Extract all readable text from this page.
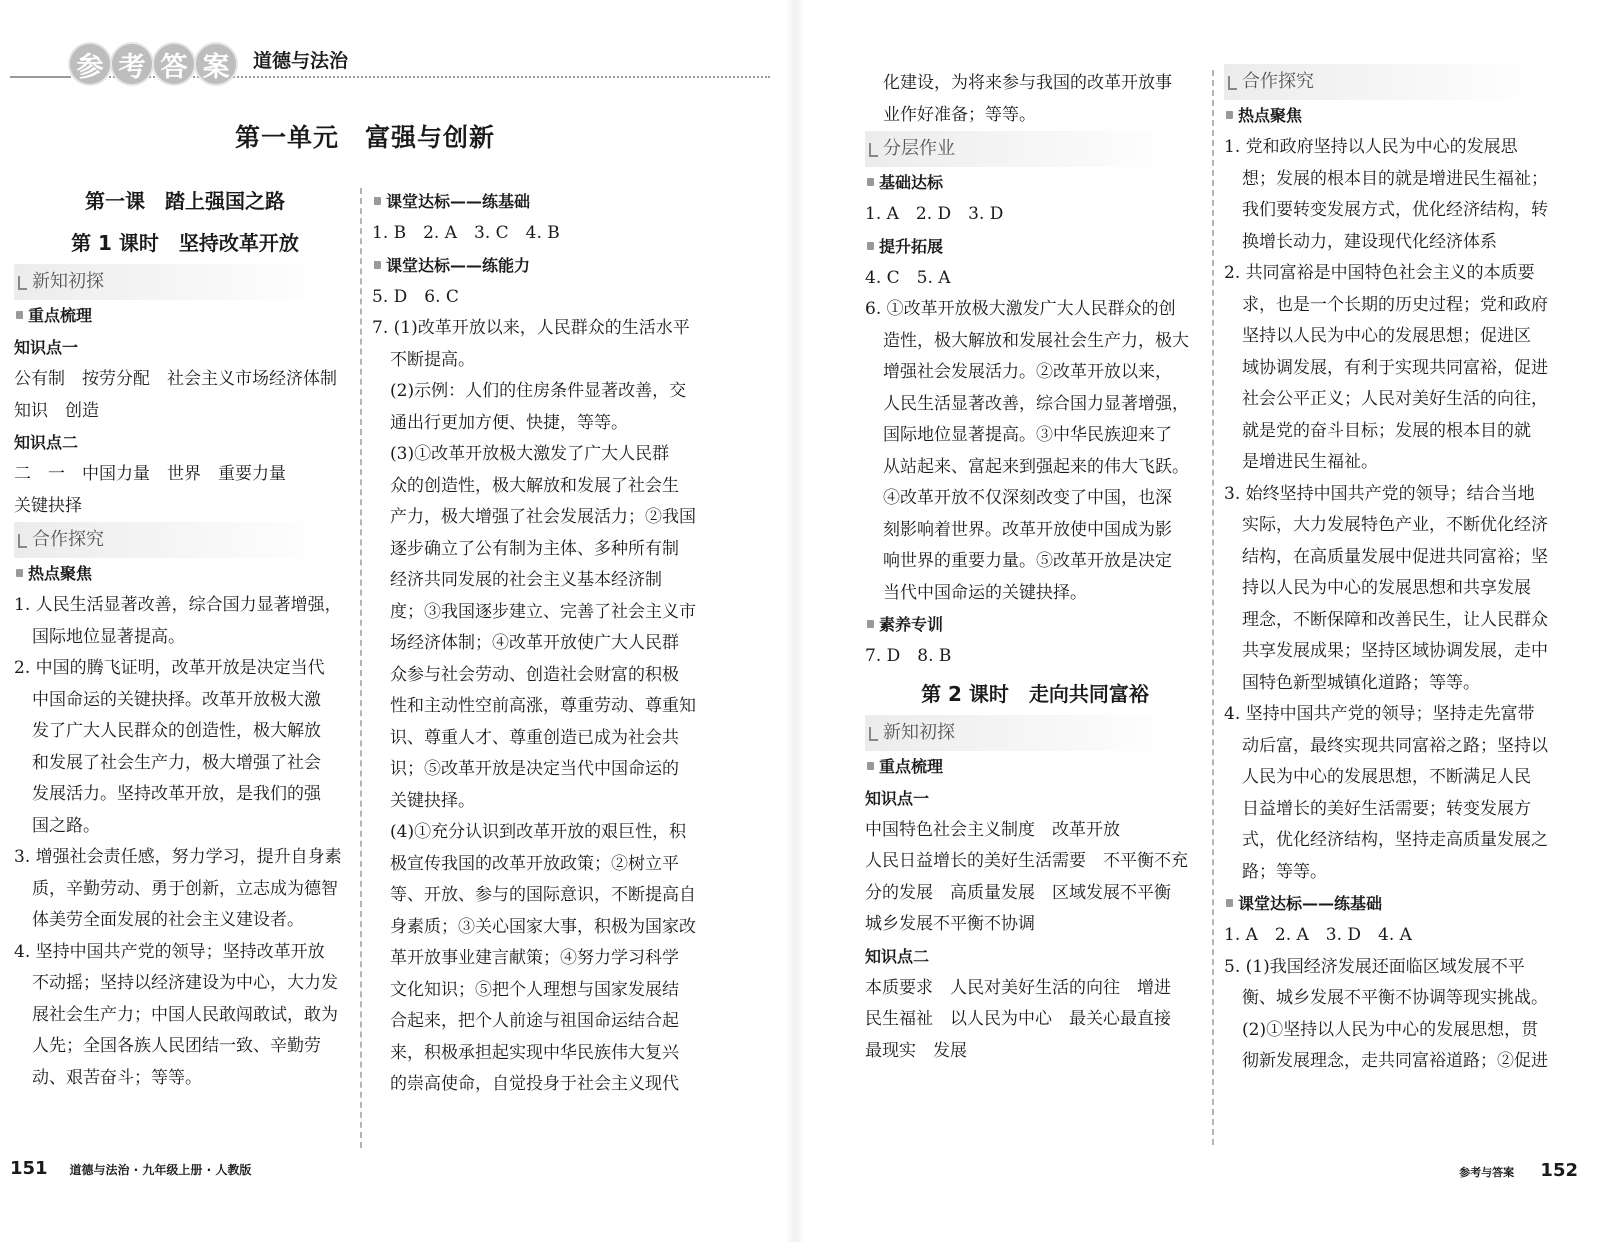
参 考 答 案	道德与法治
第一单元　富强与创新
第一课　踏上强国之路
第 1 课时　坚持改革开放
新知初探
重点梳理
知识点一
公有制　按劳分配　社会主义市场经济体制
知识　创造
知识点二
二　一　中国力量　世界　重要力量
关键抉择
合作探究
热点聚焦
1. 人民生活显著改善，综合国力显著增强，
国际地位显著提高。
2. 中国的腾飞证明，改革开放是决定当代
中国命运的关键抉择。改革开放极大激
发了广大人民群众的创造性，极大解放
和发展了社会生产力，极大增强了社会
发展活力。坚持改革开放，是我们的强
国之路。
3. 增强社会责任感，努力学习，提升自身素
质，辛勤劳动、勇于创新，立志成为德智
体美劳全面发展的社会主义建设者。
4. 坚持中国共产党的领导；坚持改革开放
不动摇；坚持以经济建设为中心，大力发
展社会生产力；中国人民敢闯敢试，敢为
人先；全国各族人民团结一致、辛勤劳
动、艰苦奋斗；等等。
课堂达标——练基础
1. B　2. A　3. C　4. B
课堂达标——练能力
5. D　6. C
7. (1)改革开放以来，人民群众的生活水平
不断提高。
(2)示例：人们的住房条件显著改善，交
通出行更加方便、快捷，等等。
(3)①改革开放极大激发了广大人民群
众的创造性，极大解放和发展了社会生
产力，极大增强了社会发展活力；②我国
逐步确立了公有制为主体、多种所有制
经济共同发展的社会主义基本经济制
度；③我国逐步建立、完善了社会主义市
场经济体制；④改革开放使广大人民群
众参与社会劳动、创造社会财富的积极
性和主动性空前高涨，尊重劳动、尊重知
识、尊重人才、尊重创造已成为社会共
识；⑤改革开放是决定当代中国命运的
关键抉择。
(4)①充分认识到改革开放的艰巨性，积
极宣传我国的改革开放政策；②树立平
等、开放、参与的国际意识，不断提高自
身素质；③关心国家大事，积极为国家改
革开放事业建言献策；④努力学习科学
文化知识；⑤把个人理想与国家发展结
合起来，把个人前途与祖国命运结合起
来，积极承担起实现中华民族伟大复兴
的崇高使命，自觉投身于社会主义现代
化建设，为将来参与我国的改革开放事
业作好准备；等等。
分层作业
基础达标
1. A　2. D　3. D
提升拓展
4. C　5. A
6. ①改革开放极大激发广大人民群众的创
造性，极大解放和发展社会生产力，极大
增强社会发展活力。②改革开放以来，
人民生活显著改善，综合国力显著增强，
国际地位显著提高。③中华民族迎来了
从站起来、富起来到强起来的伟大飞跃。
④改革开放不仅深刻改变了中国，也深
刻影响着世界。改革开放使中国成为影
响世界的重要力量。⑤改革开放是决定
当代中国命运的关键抉择。
素养专训
7. D　8. B
第 2 课时　走向共同富裕
新知初探
重点梳理
知识点一
中国特色社会主义制度　改革开放
人民日益增长的美好生活需要　不平衡不充
分的发展　高质量发展　区域发展不平衡
城乡发展不平衡不协调
知识点二
本质要求　人民对美好生活的向往　增进
民生福祉　以人民为中心　最关心最直接
最现实　发展
合作探究
热点聚焦
1. 党和政府坚持以人民为中心的发展思
想；发展的根本目的就是增进民生福祉；
我们要转变发展方式，优化经济结构，转
换增长动力，建设现代化经济体系
2. 共同富裕是中国特色社会主义的本质要
求，也是一个长期的历史过程；党和政府
坚持以人民为中心的发展思想；促进区
域协调发展，有利于实现共同富裕，促进
社会公平正义；人民对美好生活的向往，
就是党的奋斗目标；发展的根本目的就
是增进民生福祉。
3. 始终坚持中国共产党的领导；结合当地
实际，大力发展特色产业，不断优化经济
结构，在高质量发展中促进共同富裕；坚
持以人民为中心的发展思想和共享发展
理念，不断保障和改善民生，让人民群众
共享发展成果；坚持区域协调发展，走中
国特色新型城镇化道路；等等。
4. 坚持中国共产党的领导；坚持走先富带
动后富，最终实现共同富裕之路；坚持以
人民为中心的发展思想，不断满足人民
日益增长的美好生活需要；转变发展方
式，优化经济结构，坚持走高质量发展之
路；等等。
课堂达标——练基础
1. A　2. A　3. D　4. A
5. (1)我国经济发展还面临区域发展不平
衡、城乡发展不平衡不协调等现实挑战。
(2)①坚持以人民为中心的发展思想，贯
彻新发展理念，走共同富裕道路；②促进
151 道德与法治 · 九年级上册 · 人教版	参考与答案 152
